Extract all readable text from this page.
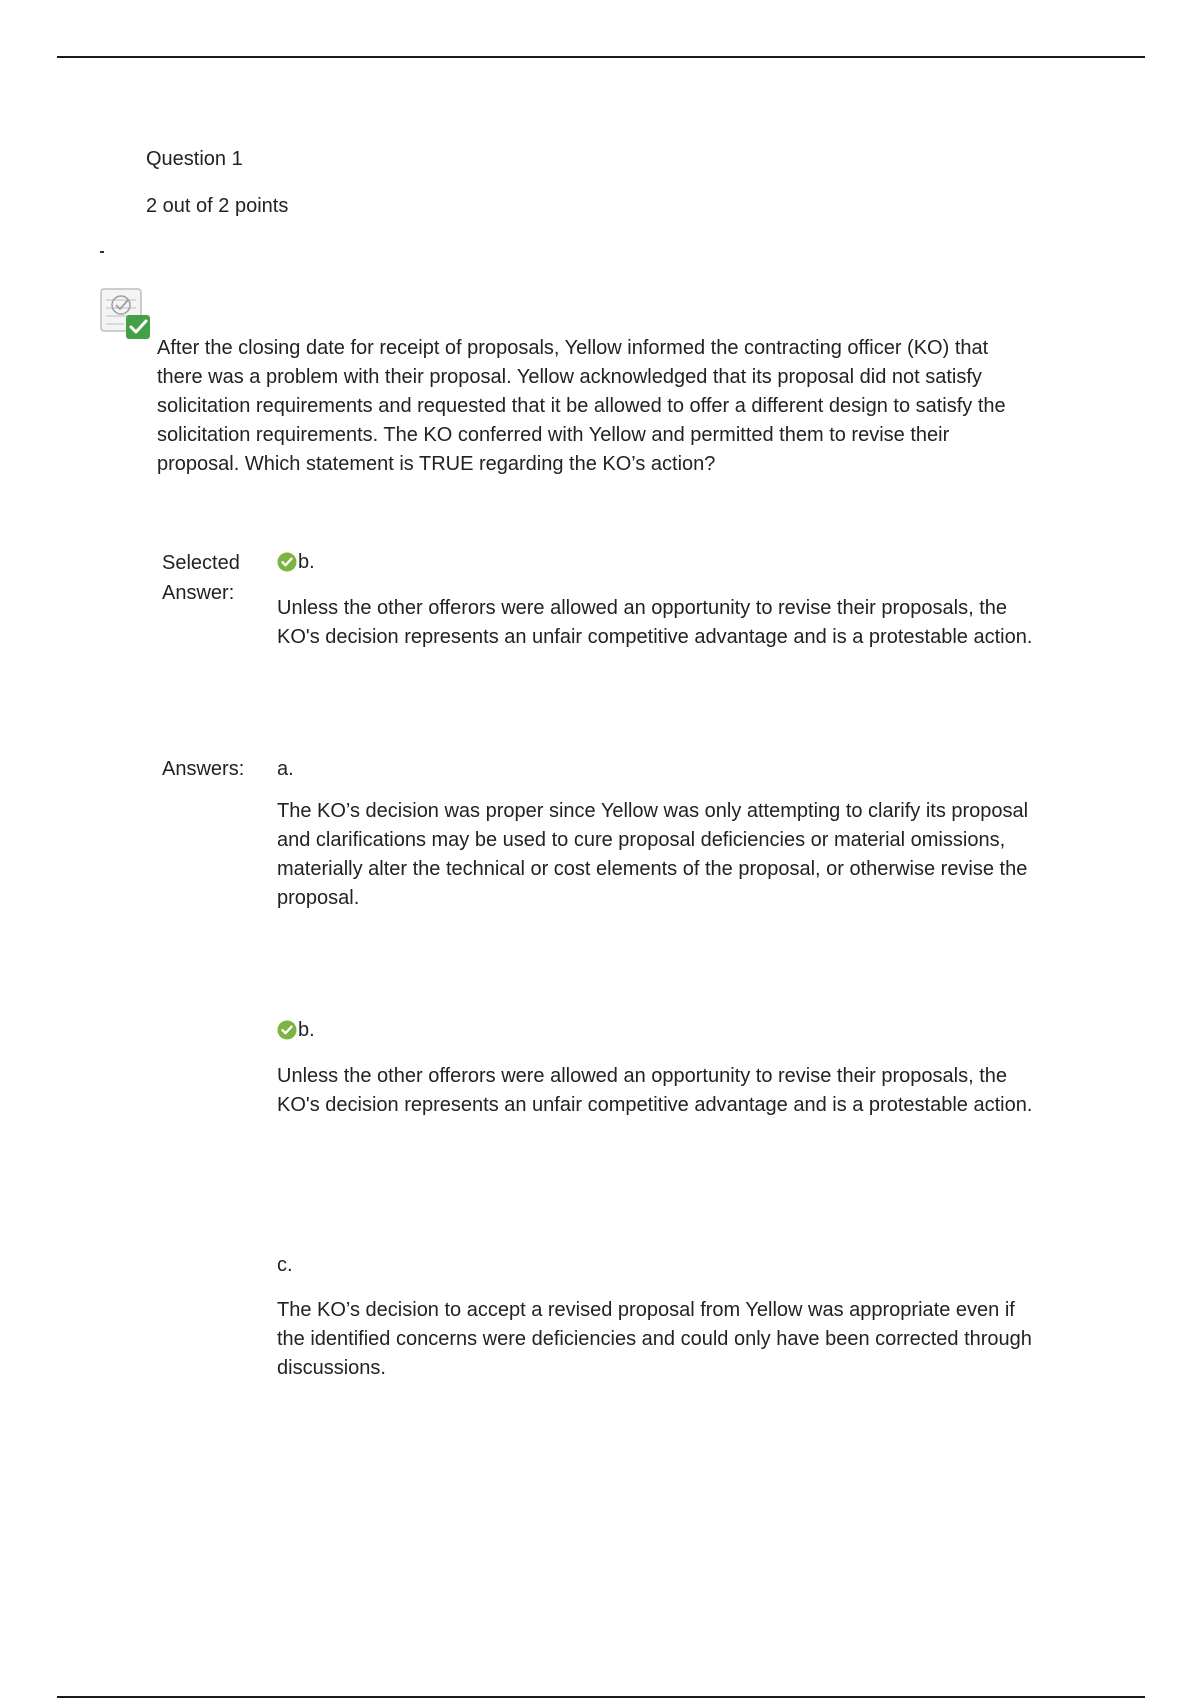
Question 1
2 out of 2 points
After the closing date for receipt of proposals, Yellow informed the contracting officer (KO) that there was a problem with their proposal. Yellow acknowledged that its proposal did not satisfy solicitation requirements and requested that it be allowed to offer a different design to satisfy the solicitation requirements. The KO conferred with Yellow and permitted them to revise their proposal. Which statement is TRUE regarding the KO’s action?
Selected Answer:
b.
Unless the other offerors were allowed an opportunity to revise their proposals, the KO's decision represents an unfair competitive advantage and is a protestable action.
Answers:	a.
The KO’s decision was proper since Yellow was only attempting to clarify its proposal and clarifications may be used to cure proposal deficiencies or material omissions, materially alter the technical or cost elements of the proposal, or otherwise revise the proposal.
b.
Unless the other offerors were allowed an opportunity to revise their proposals, the KO's decision represents an unfair competitive advantage and is a protestable action.
c.
The KO’s decision to accept a revised proposal from Yellow was appropriate even if the identified concerns were deficiencies and could only have been corrected through discussions.
